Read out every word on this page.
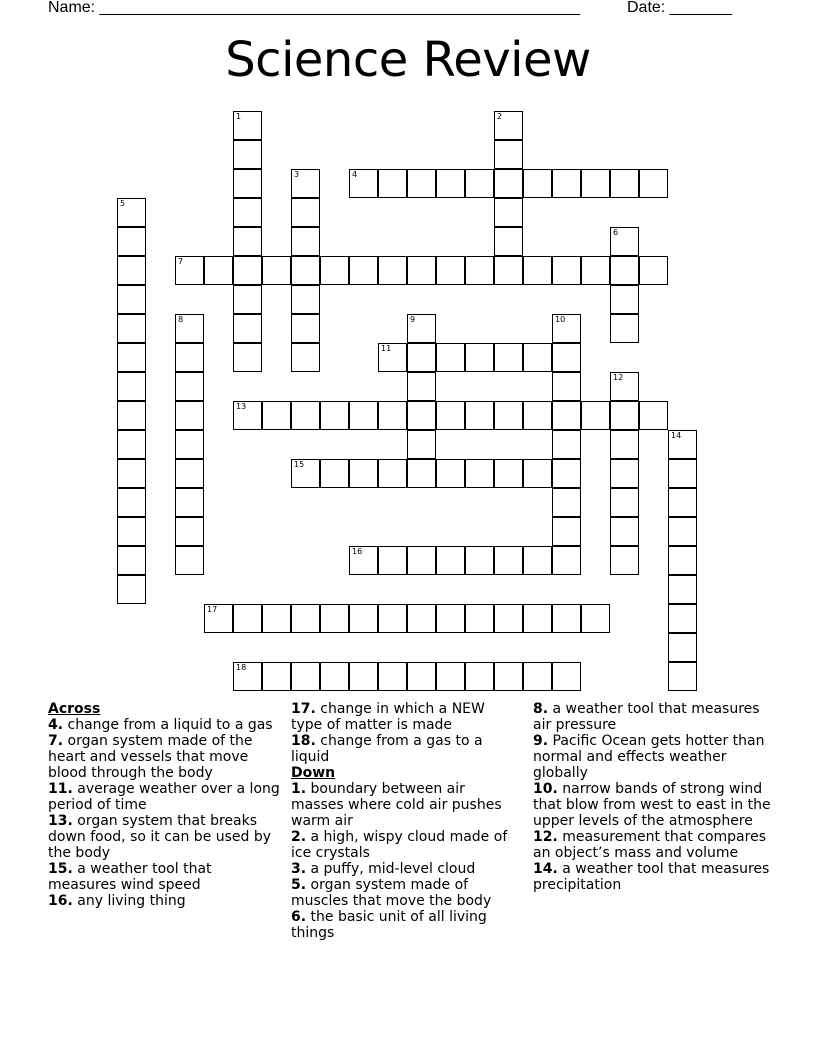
Name: ______________________________________________________	Date: _______
Science Review
1	2
3	4
5
6
7
8	9	10
11
12
13
14
15
16
17
18

Across

4. change from a liquid to a gas

7. organ system made of the heart and vessels that move blood through the body

11. average weather over a long period of time

13. organ system that breaks down food, so it can be used by the body

15. a weather tool that measures wind speed

16. any living thing

17. change in which a NEW type of matter is made

18. change from a gas to a liquid

Down

1. boundary between air masses where cold air pushes warm air

2. a high, wispy cloud made of ice crystals

3. a puffy, mid-level cloud

5. organ system made of muscles that move the body

6. the basic unit of all living things

8. a weather tool that measures air pressure

9. Pacific Ocean gets hotter than normal and effects weather globally

10. narrow bands of strong wind that blow from west to east in the upper levels of the atmosphere

12. measurement that compares an object’s mass and volume

14. a weather tool that measures precipitation
